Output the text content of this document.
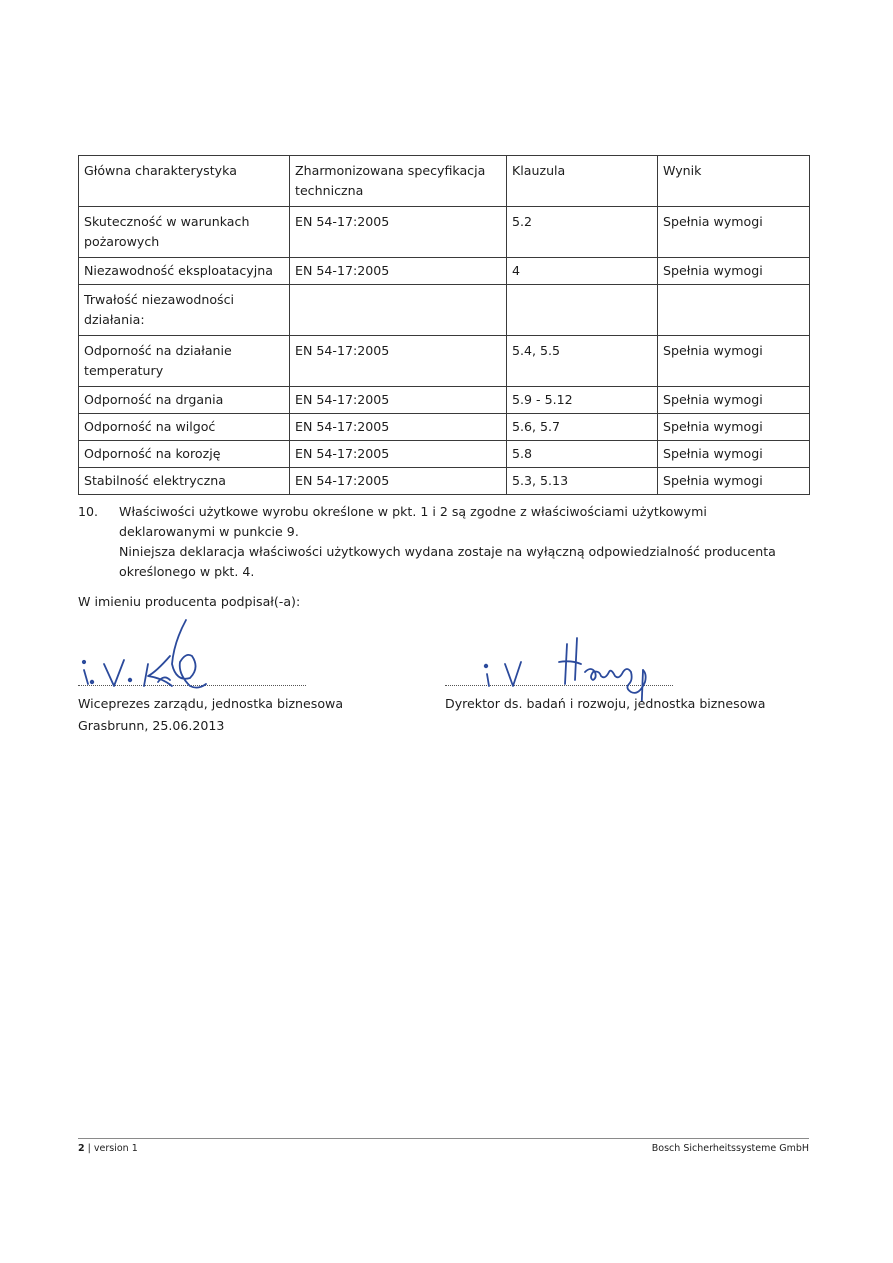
Główna charakterystyka	Zharmonizowana specyfikacja techniczna	Klauzula	Wynik
Skuteczność w warunkach pożarowych	EN 54-17:2005	5.2	Spełnia wymogi
Niezawodność eksploatacyjna	EN 54-17:2005	4	Spełnia wymogi
Trwałość niezawodności działania:			
Odporność na działanie temperatury	EN 54-17:2005	5.4, 5.5	Spełnia wymogi
Odporność na drgania	EN 54-17:2005	5.9 - 5.12	Spełnia wymogi
Odporność na wilgoć	EN 54-17:2005	5.6, 5.7	Spełnia wymogi
Odporność na korozję	EN 54-17:2005	5.8	Spełnia wymogi
Stabilność elektryczna	EN 54-17:2005	5.3, 5.13	Spełnia wymogi
10.	Właściwości użytkowe wyrobu określone w pkt. 1 i 2 są zgodne z właściwościami użytkowymi
deklarowanymi w punkcie 9.
Niniejsza deklaracja właściwości użytkowych wydana zostaje na wyłączną odpowiedzialność producenta
określonego w pkt. 4.
W imieniu producenta podpisał(-a):
Wiceprezes zarządu, jednostka biznesowa
Grasbrunn, 25.06.2013
Dyrektor ds. badań i rozwoju, jednostka biznesowa
2 | version 1	Bosch Sicherheitssysteme GmbH
